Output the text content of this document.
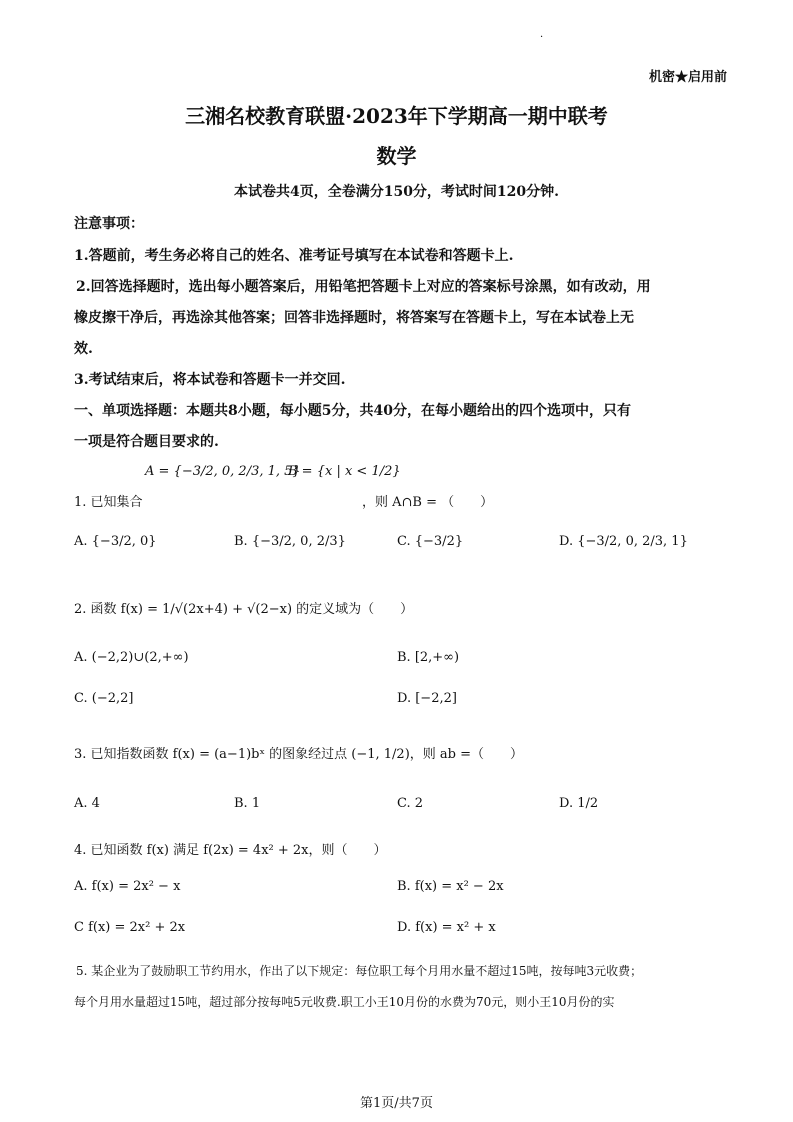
·
机密★启用前
三湘名校教育联盟·2023年下学期高一期中联考
数学
本试卷共4页，全卷满分150分，考试时间120分钟.
注意事项：
1.答题前，考生务必将自己的姓名、准考证号填写在本试卷和答题卡上.
2.回答选择题时，选出每小题答案后，用铅笔把答题卡上对应的答案标号涂黑，如有改动，用
橡皮擦干净后，再选涂其他答案；回答非选择题时，将答案写在答题卡上，写在本试卷上无
效.
3.考试结束后，将本试卷和答题卡一并交回.
一、单项选择题：本题共8小题，每小题5分，共40分，在每小题给出的四个选项中，只有
一项是符合题目要求的.
A = {−3/2, 0, 2/3, 1, 5}
B = {x | x < 1/2}
1. 已知集合	，则 A∩B = （　　）
A. {−3/2, 0}	B. {−3/2, 0, 2/3}	C. {−3/2}	D. {−3/2, 0, 2/3, 1}
2. 函数 f(x) = 1/√(2x+4) + √(2−x) 的定义域为（　　）
A. (−2,2)∪(2,+∞)	B. [2,+∞)
C. (−2,2]	D. [−2,2]
3. 已知指数函数 f(x) = (a−1)bˣ 的图象经过点 (−1, 1/2)，则 ab =（　　）
A. 4	B. 1	C. 2	D. 1/2
4. 已知函数 f(x) 满足 f(2x) = 4x² + 2x，则（　　）
A. f(x) = 2x² − x	B. f(x) = x² − 2x
C f(x) = 2x² + 2x	D. f(x) = x² + x
5. 某企业为了鼓励职工节约用水，作出了以下规定：每位职工每个月用水量不超过15吨，按每吨3元收费；
每个月用水量超过15吨，超过部分按每吨5元收费.职工小王10月份的水费为70元，则小王10月份的实
第1页/共7页
